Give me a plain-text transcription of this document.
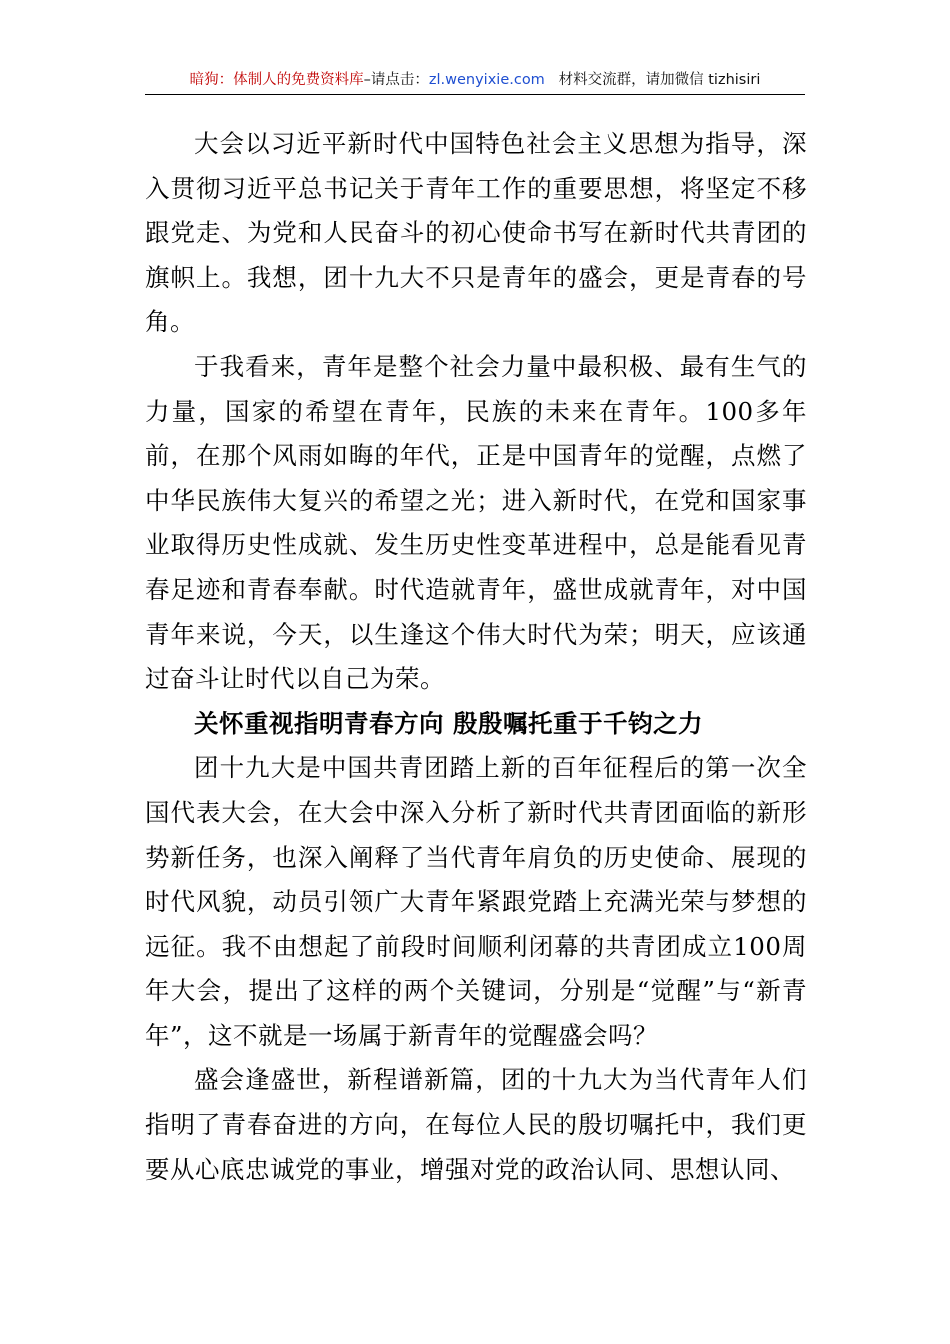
暗狗：体制人的免费资料库–请点击：zl.wenyixie.com 材料交流群，请加微信 tizhisiri

大会以习近平新时代中国特色社会主义思想为指导，深入贯彻习近平总书记关于青年工作的重要思想，将坚定不移跟党走、为党和人民奋斗的初心使命书写在新时代共青团的旗帜上。我想，团十九大不只是青年的盛会，更是青春的号角。

于我看来，青年是整个社会力量中最积极、最有生气的力量，国家的希望在青年，民族的未来在青年。100多年前，在那个风雨如晦的年代，正是中国青年的觉醒，点燃了中华民族伟大复兴的希望之光；进入新时代，在党和国家事业取得历史性成就、发生历史性变革进程中，总是能看见青春足迹和青春奉献。时代造就青年，盛世成就青年，对中国青年来说，今天，以生逢这个伟大时代为荣；明天，应该通过奋斗让时代以自己为荣。

关怀重视指明青春方向 殷殷嘱托重于千钧之力

团十九大是中国共青团踏上新的百年征程后的第一次全国代表大会，在大会中深入分析了新时代共青团面临的新形势新任务，也深入阐释了当代青年肩负的历史使命、展现的时代风貌，动员引领广大青年紧跟党踏上充满光荣与梦想的远征。我不由想起了前段时间顺利闭幕的共青团成立100周年大会，提出了这样的两个关键词，分别是“觉醒”与“新青年”，这不就是一场属于新青年的觉醒盛会吗？

盛会逢盛世，新程谱新篇，团的十九大为当代青年人们指明了青春奋进的方向，在每位人民的殷切嘱托中，我们更要从心底忠诚党的事业，增强对党的政治认同、思想认同、
